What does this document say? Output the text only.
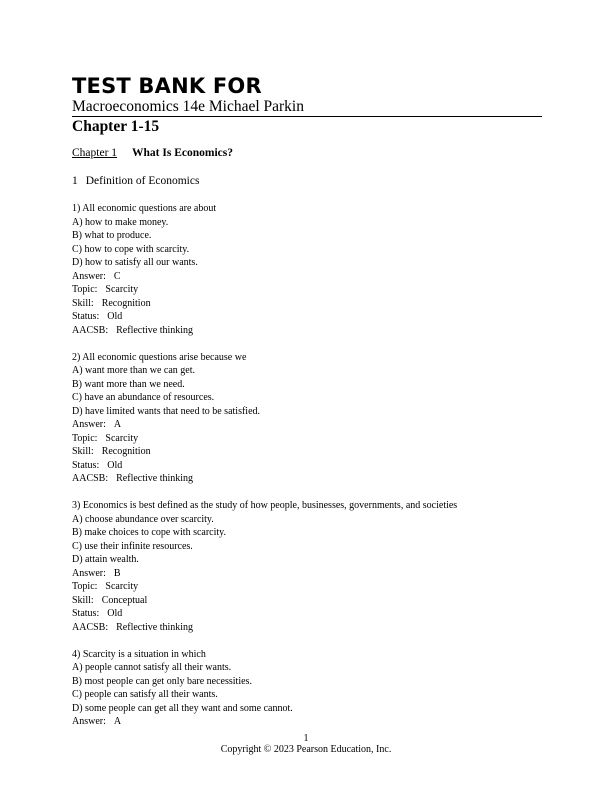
TEST BANK FOR
Macroeconomics 14e Michael Parkin
Chapter 1-15
Chapter 1 What Is Economics?
1 Definition of Economics
1) All economic questions are about
A) how to make money.
B) what to produce.
C) how to cope with scarcity.
D) how to satisfy all our wants.
Answer: C
Topic: Scarcity
Skill: Recognition
Status: Old
AACSB: Reflective thinking
2) All economic questions arise because we
A) want more than we can get.
B) want more than we need.
C) have an abundance of resources.
D) have limited wants that need to be satisfied.
Answer: A
Topic: Scarcity
Skill: Recognition
Status: Old
AACSB: Reflective thinking
3) Economics is best defined as the study of how people, businesses, governments, and societies
A) choose abundance over scarcity.
B) make choices to cope with scarcity.
C) use their infinite resources.
D) attain wealth.
Answer: B
Topic: Scarcity
Skill: Conceptual
Status: Old
AACSB: Reflective thinking
4) Scarcity is a situation in which
A) people cannot satisfy all their wants.
B) most people can get only bare necessities.
C) people can satisfy all their wants.
D) some people can get all they want and some cannot.
Answer: A
1
Copyright © 2023 Pearson Education, Inc.
